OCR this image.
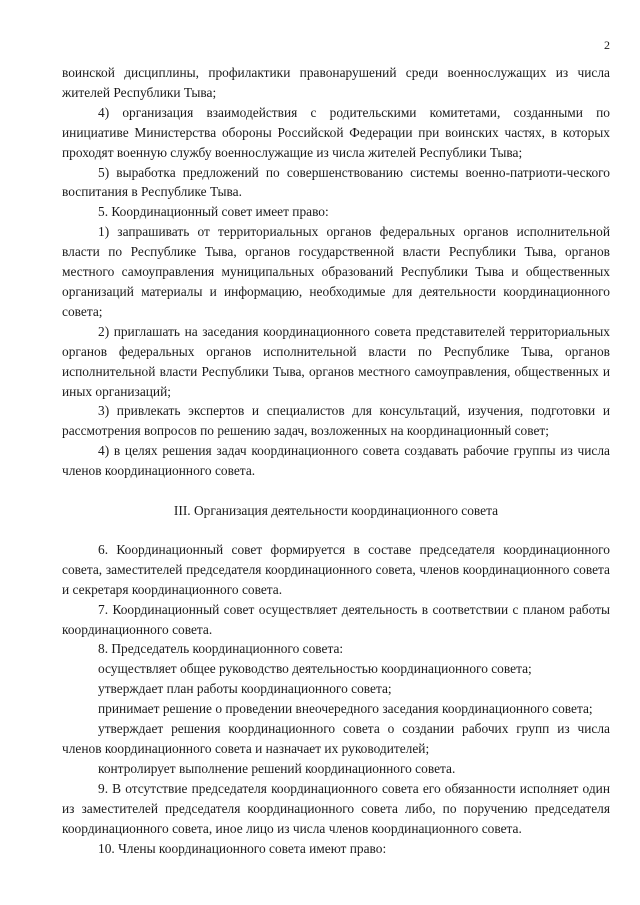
2

воинской дисциплины, профилактики правонарушений среди военнослужащих из числа жителей Республики Тыва;

4) организация взаимодействия с родительскими комитетами, созданными по инициативе Министерства обороны Российской Федерации при воинских частях, в которых проходят военную службу военнослужащие из числа жителей Республики Тыва;

5) выработка предложений по совершенствованию системы военно-патриоти-ческого воспитания в Республике Тыва.

5. Координационный совет имеет право:

1) запрашивать от территориальных органов федеральных органов исполнительной власти по Республике Тыва, органов государственной власти Республики Тыва, органов местного самоуправления муниципальных образований Республики Тыва и общественных организаций материалы и информацию, необходимые для деятельности координационного совета;

2) приглашать на заседания координационного совета представителей территориальных органов федеральных органов исполнительной власти по Республике Тыва, органов исполнительной власти Республики Тыва, органов местного самоуправления, общественных и иных организаций;

3) привлекать экспертов и специалистов для консультаций, изучения, подготовки и рассмотрения вопросов по решению задач, возложенных на координационный совет;

4) в целях решения задач координационного совета создавать рабочие группы из числа членов координационного совета.

III. Организация деятельности координационного совета

6. Координационный совет формируется в составе председателя координационного совета, заместителей председателя координационного совета, членов координационного совета и секретаря координационного совета.

7. Координационный совет осуществляет деятельность в соответствии с планом работы координационного совета.

8. Председатель координационного совета:

осуществляет общее руководство деятельностью координационного совета;

утверждает план работы координационного совета;

принимает решение о проведении внеочередного заседания координационного совета;

утверждает решения координационного совета о создании рабочих групп из числа членов координационного совета и назначает их руководителей;

контролирует выполнение решений координационного совета.

9. В отсутствие председателя координационного совета его обязанности исполняет один из заместителей председателя координационного совета либо, по поручению председателя координационного совета, иное лицо из числа членов координационного совета.

10. Члены координационного совета имеют право:
